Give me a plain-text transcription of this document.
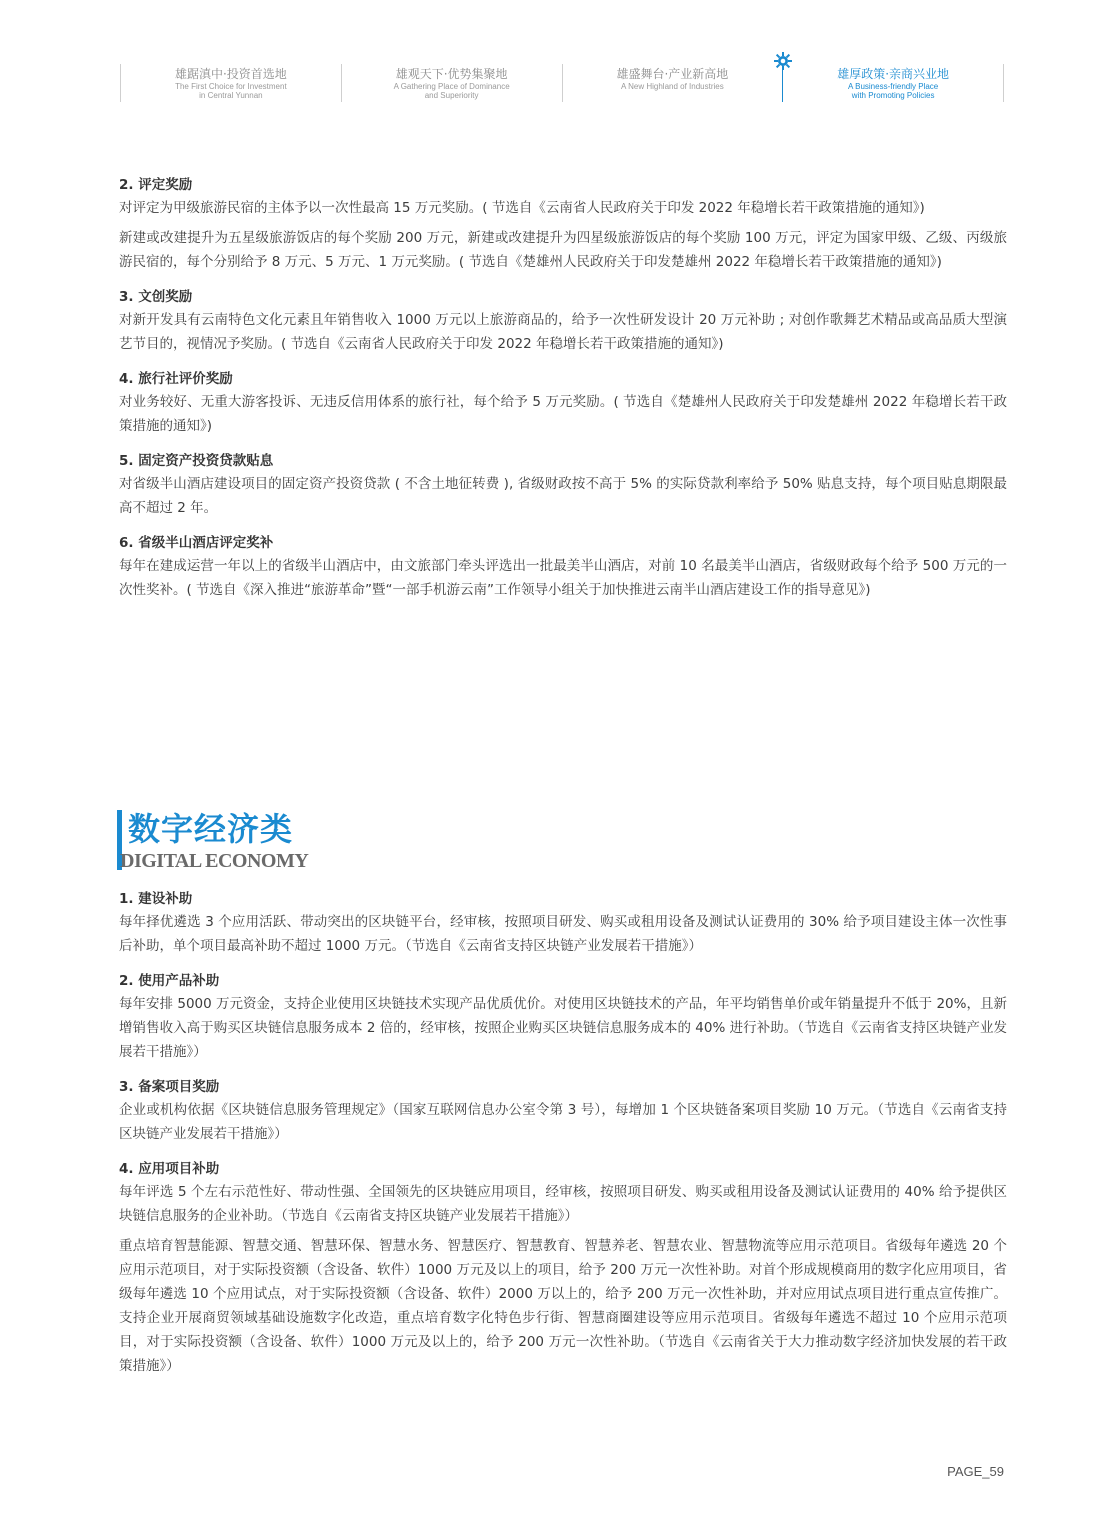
雄踞滇中·投资首选地
The First Choice for Investment
in Central Yunnan
雄观天下·优势集聚地
A Gathering Place of Dominance
and Superiority
雄盛舞台·产业新高地
A New Highland of Industries
雄厚政策·亲商兴业地
A Business-friendly Place
with Promoting Policies

2. 评定奖励

对评定为甲级旅游民宿的主体予以一次性最高 15 万元奖励。( 节选自《云南省人民政府关于印发 2022 年稳增长若干政策措施的通知》)

新建或改建提升为五星级旅游饭店的每个奖励 200 万元，新建或改建提升为四星级旅游饭店的每个奖励 100 万元，评定为国家甲级、乙级、丙级旅游民宿的，每个分别给予 8 万元、5 万元、1 万元奖励。( 节选自《楚雄州人民政府关于印发楚雄州 2022 年稳增长若干政策措施的通知》)

3. 文创奖励

对新开发具有云南特色文化元素且年销售收入 1000 万元以上旅游商品的，给予一次性研发设计 20 万元补助 ; 对创作歌舞艺术精品或高品质大型演艺节目的，视情况予奖励。( 节选自《云南省人民政府关于印发 2022 年稳增长若干政策措施的通知》)

4. 旅行社评价奖励

对业务较好、无重大游客投诉、无违反信用体系的旅行社，每个给予 5 万元奖励。( 节选自《楚雄州人民政府关于印发楚雄州 2022 年稳增长若干政策措施的通知》)

5. 固定资产投资贷款贴息

对省级半山酒店建设项目的固定资产投资贷款 ( 不含土地征转费 ), 省级财政按不高于 5% 的实际贷款利率给予 50% 贴息支持，每个项目贴息期限最高不超过 2 年。

6. 省级半山酒店评定奖补

每年在建成运营一年以上的省级半山酒店中，由文旅部门牵头评选出一批最美半山酒店，对前 10 名最美半山酒店，省级财政每个给予 500 万元的一次性奖补。( 节选自《深入推进“旅游革命”暨“一部手机游云南”工作领导小组关于加快推进云南半山酒店建设工作的指导意见》)

数字经济类
DIGITAL ECONOMY

1. 建设补助

每年择优遴选 3 个应用活跃、带动突出的区块链平台，经审核，按照项目研发、购买或租用设备及测试认证费用的 30% 给予项目建设主体一次性事后补助，单个项目最高补助不超过 1000 万元。（节选自《云南省支持区块链产业发展若干措施》）

2. 使用产品补助

每年安排 5000 万元资金，支持企业使用区块链技术实现产品优质优价。对使用区块链技术的产品，年平均销售单价或年销量提升不低于 20%，且新增销售收入高于购买区块链信息服务成本 2 倍的，经审核，按照企业购买区块链信息服务成本的 40% 进行补助。（节选自《云南省支持区块链产业发展若干措施》）

3. 备案项目奖励

企业或机构依据《区块链信息服务管理规定》（国家互联网信息办公室令第 3 号），每增加 1 个区块链备案项目奖励 10 万元。（节选自《云南省支持区块链产业发展若干措施》）

4. 应用项目补助

每年评选 5 个左右示范性好、带动性强、全国领先的区块链应用项目，经审核，按照项目研发、购买或租用设备及测试认证费用的 40% 给予提供区块链信息服务的企业补助。（节选自《云南省支持区块链产业发展若干措施》）

重点培育智慧能源、智慧交通、智慧环保、智慧水务、智慧医疗、智慧教育、智慧养老、智慧农业、智慧物流等应用示范项目。省级每年遴选 20 个应用示范项目，对于实际投资额（含设备、软件）1000 万元及以上的项目，给予 200 万元一次性补助。对首个形成规模商用的数字化应用项目，省级每年遴选 10 个应用试点，对于实际投资额（含设备、软件）2000 万以上的，给予 200 万元一次性补助，并对应用试点项目进行重点宣传推广。支持企业开展商贸领域基础设施数字化改造，重点培育数字化特色步行街、智慧商圈建设等应用示范项目。省级每年遴选不超过 10 个应用示范项目，对于实际投资额（含设备、软件）1000 万元及以上的，给予 200 万元一次性补助。（节选自《云南省关于大力推动数字经济加快发展的若干政策措施》）

PAGE_59
